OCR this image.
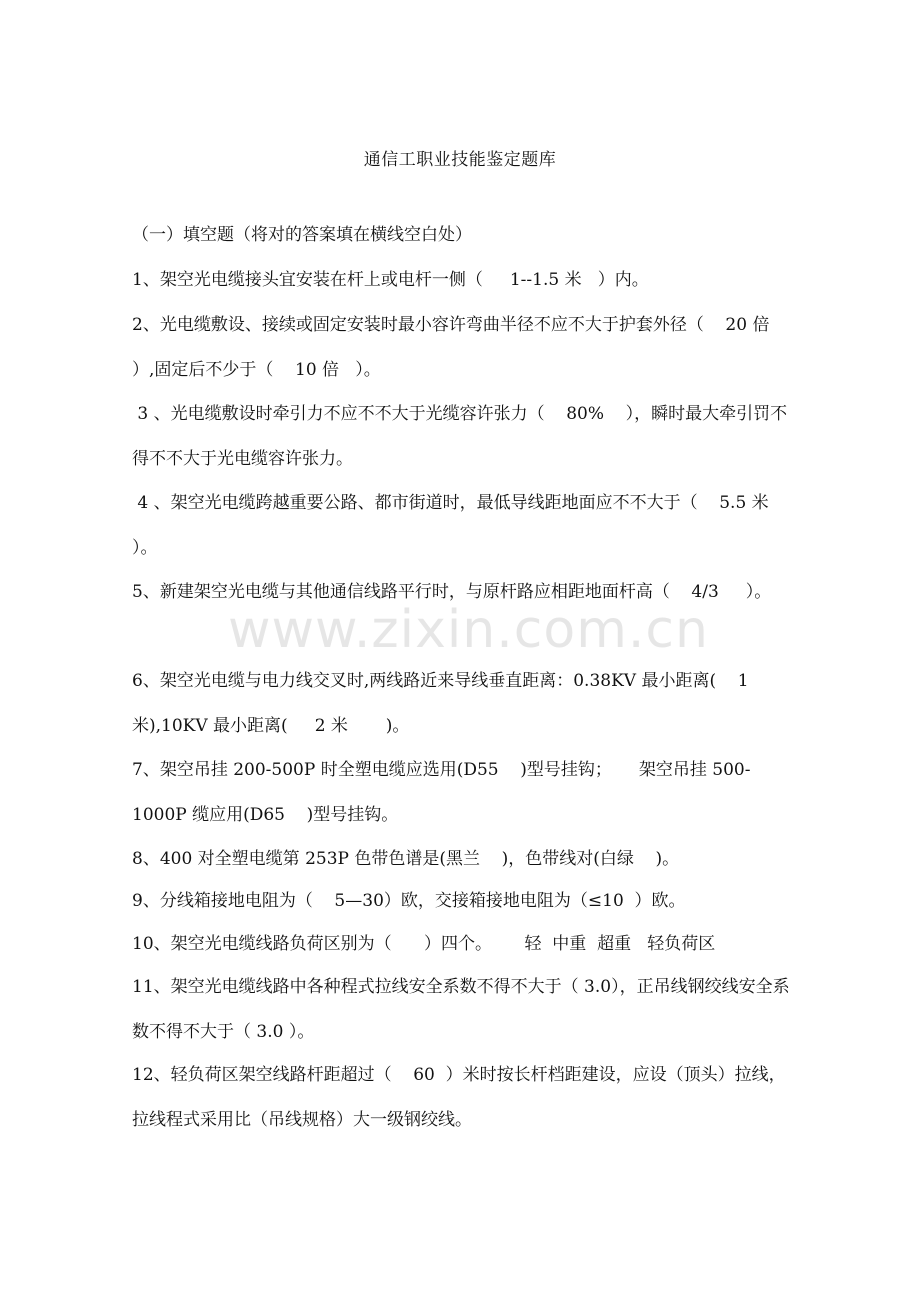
通信工职业技能鉴定题库

（一）填空题（将对的答案填在横线空白处）

1、架空光电缆接头宜安装在杆上或电杆一侧（     1--1.5 米   ）内。

2、光电缆敷设、接续或固定安装时最小容许弯曲半径不应不大于护套外径（    20 倍   ）,固定后不少于（    10 倍   ）。

3 、光电缆敷设时牵引力不应不不大于光缆容许张力（    80%    ），瞬时最大牵引罚不得不不大于光电缆容许张力。

4 、架空光电缆跨越重要公路、都市街道时，最低导线距地面应不不大于（    5.5 米   ）。

5、新建架空光电缆与其他通信线路平行时，与原杆路应相距地面杆高（    4/3     ）。

6、架空光电缆与电力线交叉时,两线路近来导线垂直距离：0.38KV 最小距离(    1 米),10KV 最小距离(     2 米       )。

7、架空吊挂 200-500P 时全塑电缆应选用(D55    )型号挂钩；     架空吊挂 500-1000P 缆应用(D65    )型号挂钩。

8、400 对全塑电缆第 253P 色带色谱是(黑兰    )，色带线对(白绿    )。

9、分线箱接地电阻为（    5—30）欧，交接箱接地电阻为（≤10  ）欧。

10、架空光电缆线路负荷区别为（      ）四个。      轻  中重  超重   轻负荷区

11、架空光电缆线路中各种程式拉线安全系数不得不大于（ 3.0），正吊线钢绞线安全系数不得不大于（ 3.0 ）。

12、轻负荷区架空线路杆距超过（    60  ）米时按长杆档距建设，应设（顶头）拉线，拉线程式采用比（吊线规格）大一级钢绞线。

www.zixin.com.cn
